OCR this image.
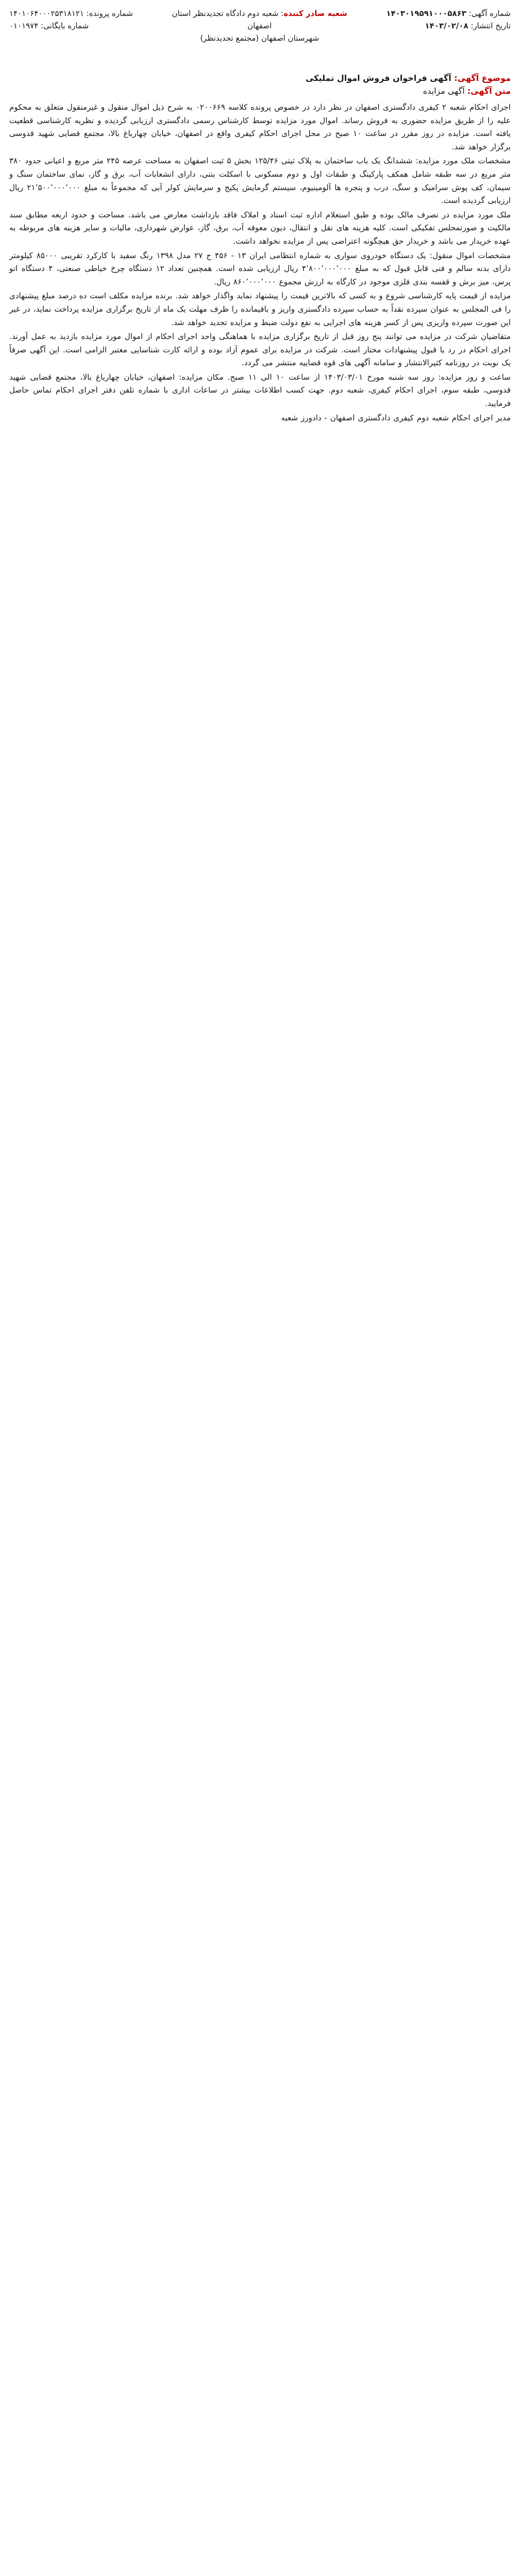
شماره آگهی: ۱۴۰۳۰۱۹۵۹۱۰۰۰۵۸۶۳
تاریخ انتشار: ۱۴۰۳/۰۲/۰۸
شعبه صادر کننده: شعبه دوم دادگاه تجدیدنظر استان اصفهان
شهرستان اصفهان (مجتمع تجدیدنظر)
شماره پرونده: ۱۴۰۱۰۶۴۰۰۰۲۵۳۱۸۱۲۱
شماره بایگانی: ۰۱۰۱۹۷۴
موضوع آگهی: آگهی فراخوان فروش اموال تملیکی
متن آگهی: آگهی مزایده

اجرای احکام شعبه ۲ کیفری دادگستری اصفهان در نظر دارد در خصوص پرونده کلاسه ۰۲۰۰۶۶۹ به شرح ذیل اموال منقول و غیرمنقول متعلق به محکوم علیه را از طریق مزایده حضوری به فروش رساند. اموال مورد مزایده توسط کارشناس رسمی دادگستری ارزیابی گردیده و نظریه کارشناسی قطعیت یافته است. مزایده در روز مقرر در ساعت ۱۰ صبح در محل اجرای احکام کیفری واقع در اصفهان، خیابان چهارباغ بالا، مجتمع قضایی شهید قدوسی برگزار خواهد شد.

مشخصات ملک مورد مزایده: ششدانگ یک باب ساختمان به پلاک ثبتی ۱۲۵/۴۶ بخش ۵ ثبت اصفهان به مساحت عرصه ۲۴۵ متر مربع و اعیانی حدود ۳۸۰ متر مربع در سه طبقه شامل همکف پارکینگ و طبقات اول و دوم مسکونی با اسکلت بتنی، دارای انشعابات آب، برق و گاز، نمای ساختمان سنگ و سیمان، کف پوش سرامیک و سنگ، درب و پنجره ها آلومینیوم، سیستم گرمایش پکیج و سرمایش کولر آبی که مجموعاً به مبلغ ۲۱٬۵۰۰٬۰۰۰٬۰۰۰ ریال ارزیابی گردیده است.

ملک مورد مزایده در تصرف مالک بوده و طبق استعلام اداره ثبت اسناد و املاک فاقد بازداشت معارض می باشد. مساحت و حدود اربعه مطابق سند مالکیت و صورتمجلس تفکیکی است. کلیه هزینه های نقل و انتقال، دیون معوقه آب، برق، گاز، عوارض شهرداری، مالیات و سایر هزینه های مربوطه به عهده خریدار می باشد و خریدار حق هیچگونه اعتراضی پس از مزایده نخواهد داشت.

مشخصات اموال منقول: یک دستگاه خودروی سواری به شماره انتظامی ایران ۱۳ - ۴۵۶ ج ۲۷ مدل ۱۳۹۸ رنگ سفید با کارکرد تقریبی ۸۵۰۰۰ کیلومتر دارای بدنه سالم و فنی قابل قبول که به مبلغ ۴٬۸۰۰٬۰۰۰٬۰۰۰ ریال ارزیابی شده است. همچنین تعداد ۱۲ دستگاه چرخ خیاطی صنعتی، ۴ دستگاه اتو پرس، میز برش و قفسه بندی فلزی موجود در کارگاه به ارزش مجموع ۸۶۰٬۰۰۰٬۰۰۰ ریال.

مزایده از قیمت پایه کارشناسی شروع و به کسی که بالاترین قیمت را پیشنهاد نماید واگذار خواهد شد. برنده مزایده مکلف است ده درصد مبلغ پیشنهادی را فی المجلس به عنوان سپرده نقداً به حساب سپرده دادگستری واریز و باقیمانده را ظرف مهلت یک ماه از تاریخ برگزاری مزایده پرداخت نماید، در غیر این صورت سپرده واریزی پس از کسر هزینه های اجرایی به نفع دولت ضبط و مزایده تجدید خواهد شد.

متقاضیان شرکت در مزایده می توانند پنج روز قبل از تاریخ برگزاری مزایده با هماهنگی واحد اجرای احکام از اموال مورد مزایده بازدید به عمل آورند. اجرای احکام در رد یا قبول پیشنهادات مختار است. شرکت در مزایده برای عموم آزاد بوده و ارائه کارت شناسایی معتبر الزامی است. این آگهی صرفاً یک نوبت در روزنامه کثیرالانتشار و سامانه آگهی های قوه قضاییه منتشر می گردد.

ساعت و روز مزایده: روز سه شنبه مورخ ۱۴۰۳/۰۳/۰۱ از ساعت ۱۰ الی ۱۱ صبح. مکان مزایده: اصفهان، خیابان چهارباغ بالا، مجتمع قضایی شهید قدوسی، طبقه سوم، اجرای احکام کیفری، شعبه دوم. جهت کسب اطلاعات بیشتر در ساعات اداری با شماره تلفن دفتر اجرای احکام تماس حاصل فرمایید.

مدیر اجرای احکام شعبه دوم کیفری دادگستری اصفهان - دادورز شعبه
